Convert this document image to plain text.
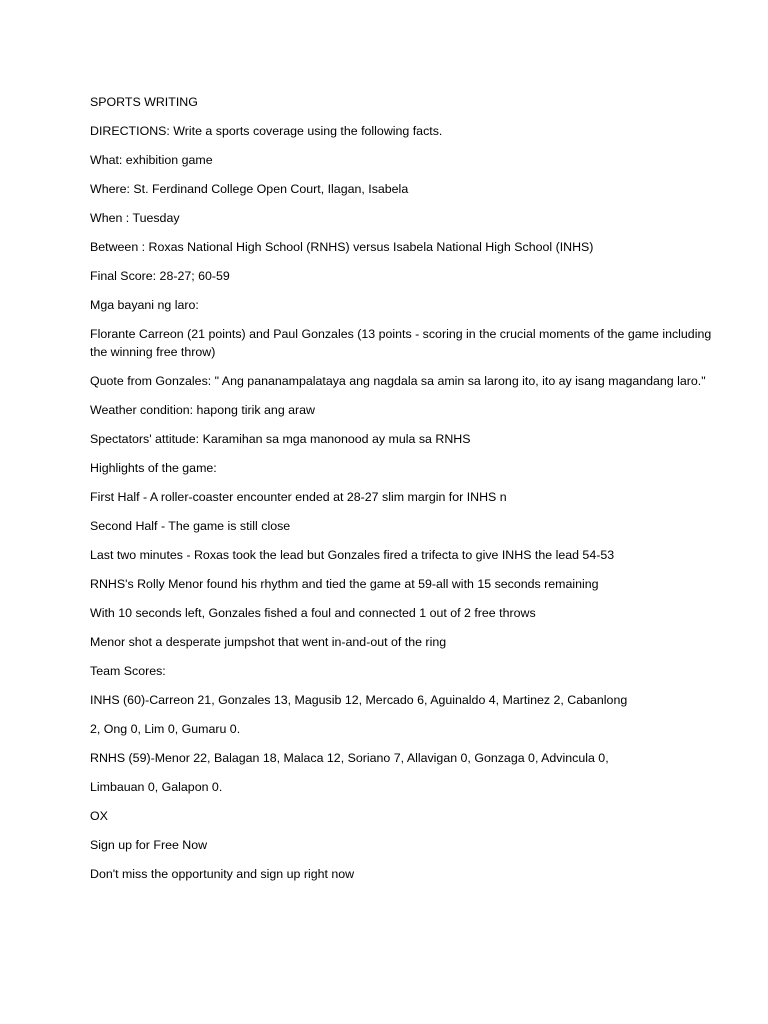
SPORTS WRITING
DIRECTIONS: Write a sports coverage using the following facts.
What: exhibition game
Where: St. Ferdinand College Open Court, Ilagan, Isabela
When : Tuesday
Between : Roxas National High School (RNHS) versus Isabela National High School (INHS)
Final Score: 28-27; 60-59
Mga bayani ng laro:
Florante Carreon (21 points) and Paul Gonzales (13 points - scoring in the crucial moments of the game including the winning free throw)
Quote from Gonzales: " Ang pananampalataya ang nagdala sa amin sa larong ito, ito ay isang magandang laro."
Weather condition: hapong tirik ang araw
Spectators' attitude: Karamihan sa mga manonood ay mula sa RNHS
Highlights of the game:
First Half - A roller-coaster encounter ended at 28-27 slim margin for INHS n
Second Half - The game is still close
Last two minutes - Roxas took the lead but Gonzales fired a trifecta to give INHS the lead 54-53
RNHS's Rolly Menor found his rhythm and tied the game at 59-all with 15 seconds remaining
With 10 seconds left, Gonzales fished a foul and connected 1 out of 2 free throws
Menor shot a desperate jumpshot that went in-and-out of the ring
Team Scores:
INHS (60)-Carreon 21, Gonzales 13, Magusib 12, Mercado 6, Aguinaldo 4, Martinez 2, Cabanlong
2, Ong 0, Lim 0, Gumaru 0.
RNHS (59)-Menor 22, Balagan 18, Malaca 12, Soriano 7, Allavigan 0, Gonzaga 0, Advincula 0,
Limbauan 0, Galapon 0.
OX
Sign up for Free Now
Don't miss the opportunity and sign up right now
